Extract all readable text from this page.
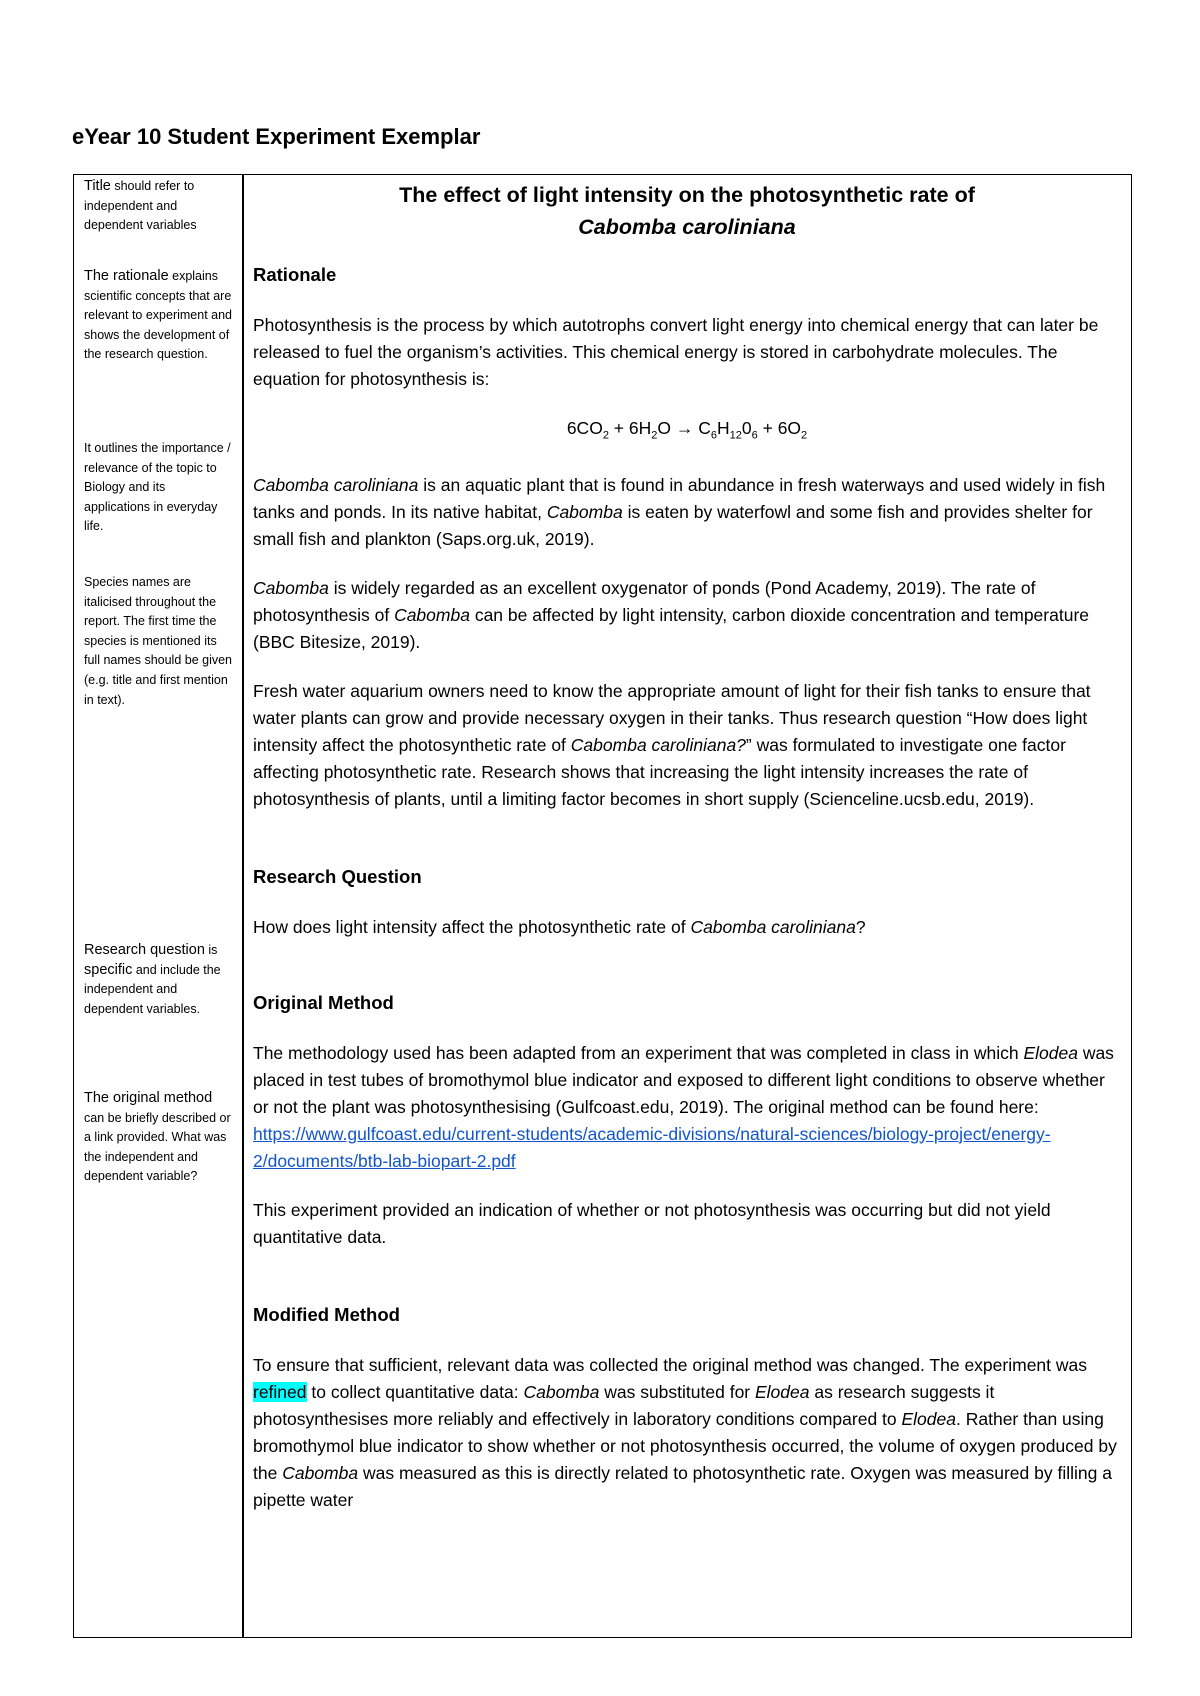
eYear 10 Student Experiment Exemplar
Title should refer to independent and dependent variables
The rationale explains scientific concepts that are relevant to experiment and shows the development of the research question.
It outlines the importance / relevance of the topic to Biology and its applications in everyday life.
Species names are italicised throughout the report. The first time the species is mentioned its full names should be given (e.g. title and first mention in text).
Research question is specific and include the independent and dependent variables.
The original method can be briefly described or a link provided. What was the independent and dependent variable?
The effect of light intensity on the photosynthetic rate of
Cabomba caroliniana
Rationale

Photosynthesis is the process by which autotrophs convert light energy into chemical energy that can later be released to fuel the organism’s activities. This chemical energy is stored in carbohydrate molecules. The equation for photosynthesis is:

$6CO_2 + 6H_2O \to C_6H_{12}0_6 + 6O_2$

Cabomba caroliniana is an aquatic plant that is found in abundance in fresh waterways and used widely in fish tanks and ponds. In its native habitat, Cabomba is eaten by waterfowl and some fish and provides shelter for small fish and plankton (Saps.org.uk, 2019).

Cabomba is widely regarded as an excellent oxygenator of ponds (Pond Academy, 2019). The rate of photosynthesis of Cabomba can be affected by light intensity, carbon dioxide concentration and temperature (BBC Bitesize, 2019).

Fresh water aquarium owners need to know the appropriate amount of light for their fish tanks to ensure that water plants can grow and provide necessary oxygen in their tanks. Thus research question “How does light intensity affect the photosynthetic rate of Cabomba caroliniana?” was formulated to investigate one factor affecting photosynthetic rate. Research shows that increasing the light intensity increases the rate of photosynthesis of plants, until a limiting factor becomes in short supply (Scienceline.ucsb.edu, 2019).

Research Question

How does light intensity affect the photosynthetic rate of Cabomba caroliniana?

Original Method

The methodology used has been adapted from an experiment that was completed in class in which Elodea was placed in test tubes of bromothymol blue indicator and exposed to different light conditions to observe whether or not the plant was photosynthesising (Gulfcoast.edu, 2019). The original method can be found here: https://www.gulfcoast.edu/current-students/academic-divisions/natural-sciences/biology-project/energy-2/documents/btb-lab-biopart-2.pdf

This experiment provided an indication of whether or not photosynthesis was occurring but did not yield quantitative data.

Modified Method

To ensure that sufficient, relevant data was collected the original method was changed. The experiment was refined to collect quantitative data: Cabomba was substituted for Elodea as research suggests it photosynthesises more reliably and effectively in laboratory conditions compared to Elodea. Rather than using bromothymol blue indicator to show whether or not photosynthesis occurred, the volume of oxygen produced by the Cabomba was measured as this is directly related to photosynthetic rate. Oxygen was measured by filling a pipette water
